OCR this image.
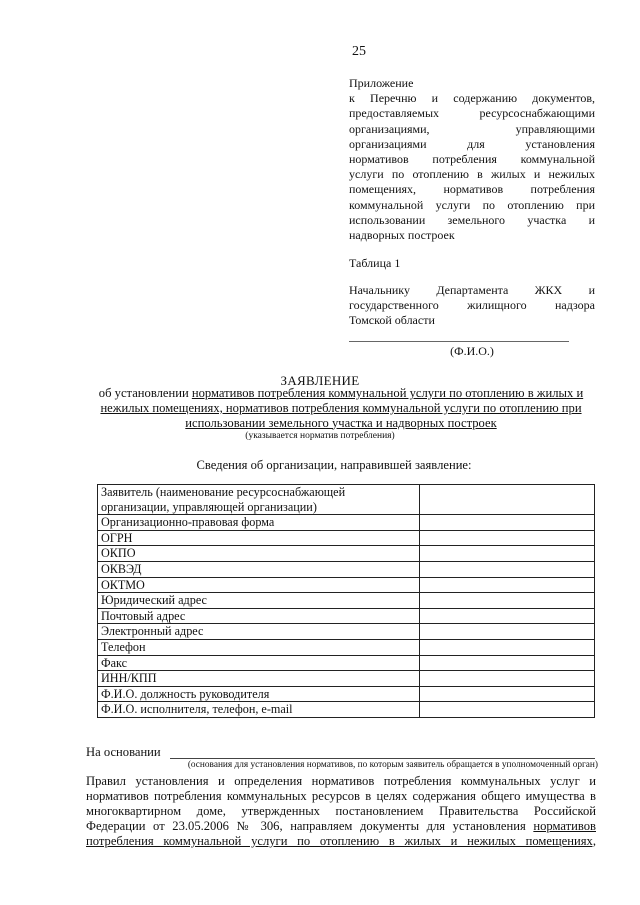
25
Приложение
к Перечню и содержанию документов,
предоставляемых ресурсоснабжающими
организациями, управляющими
организациями для установления
нормативов потребления коммунальной
услуги по отоплению в жилых и нежилых
помещениях, нормативов потребления
коммунальной услуги по отоплению при
использовании земельного участка и
надворных построек
Таблица 1
Начальнику Департамента ЖКХ и
государственного жилищного надзора
Томской области
(Ф.И.О.)
ЗАЯВЛЕНИЕ
об установлении нормативов потребления коммунальной услуги по отоплению в жилых и
нежилых помещениях, нормативов потребления коммунальной услуги по отоплению при
использовании земельного участка и надворных построек
(указывается норматив потребления)
Сведения об организации, направившей заявление:
Заявитель (наименование ресурсоснабжающей организации, управляющей организации)	
Организационно-правовая форма	
ОГРН	
ОКПО	
ОКВЭД	
ОКТМО	
Юридический адрес	
Почтовый адрес	
Электронный адрес	
Телефон	
Факс	
ИНН/КПП	
Ф.И.О. должность руководителя	
Ф.И.О. исполнителя, телефон, e-mail	
На основании
(основания для установления нормативов, по которым заявитель обращается в уполномоченный орган)
Правил установления и определения нормативов потребления коммунальных услуг и
нормативов потребления коммунальных ресурсов в целях содержания общего имущества в
многоквартирном доме, утвержденных постановлением Правительства Российской
Федерации от 23.05.2006 № 306, направляем документы для установления нормативов
потребления коммунальной услуги по отоплению в жилых и нежилых помещениях,
